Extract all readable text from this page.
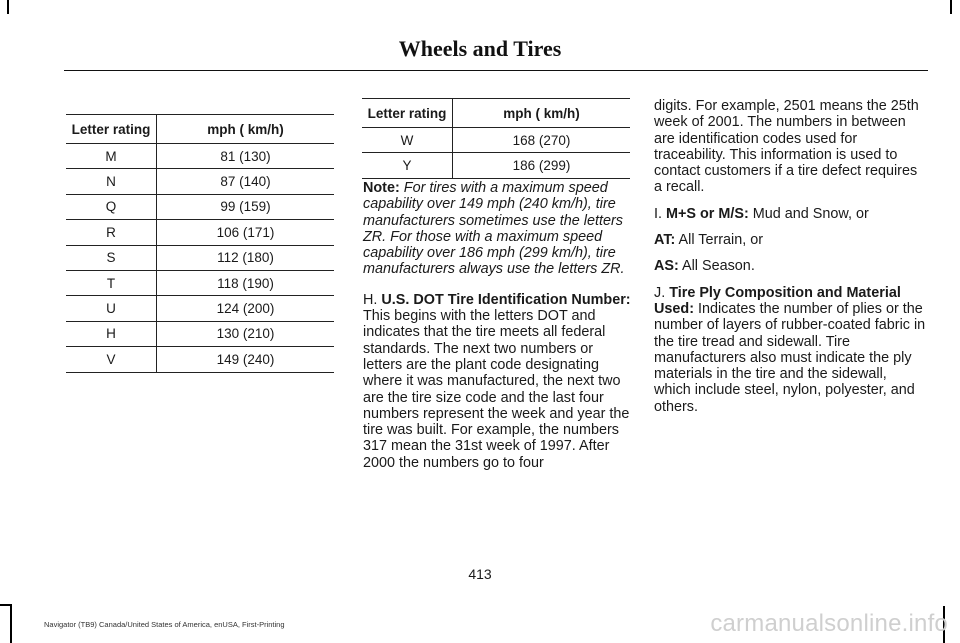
Wheels and Tires
Letter rating	mph ( km/h)
M	81 (130)
N	87 (140)
Q	99 (159)
R	106 (171)
S	112 (180)
T	118 (190)
U	124 (200)
H	130 (210)
V	149 (240)
Letter rating	mph ( km/h)
W	168 (270)
Y	186 (299)

Note: For tires with a maximum speed capability over 149 mph (240 km/h), tire manufacturers sometimes use the letters ZR. For those with a maximum speed capability over 186 mph (299 km/h), tire manufacturers always use the letters ZR.

H. U.S. DOT Tire Identification Number: This begins with the letters DOT and indicates that the tire meets all federal standards. The next two numbers or letters are the plant code designating where it was manufactured, the next two are the tire size code and the last four numbers represent the week and year the tire was built. For example, the numbers 317 mean the 31st week of 1997. After 2000 the numbers go to four

digits. For example, 2501 means the 25th week of 2001. The numbers in between are identification codes used for traceability. This information is used to contact customers if a tire defect requires a recall.

I. M+S or M/S: Mud and Snow, or

AT: All Terrain, or

AS: All Season.

J. Tire Ply Composition and Material Used: Indicates the number of plies or the number of layers of rubber-coated fabric in the tire tread and sidewall. Tire manufacturers also must indicate the ply materials in the tire and the sidewall, which include steel, nylon, polyester, and others.

413
Navigator (TB9) Canada/United States of America, enUSA, First-Printing	carmanualsonline.info
